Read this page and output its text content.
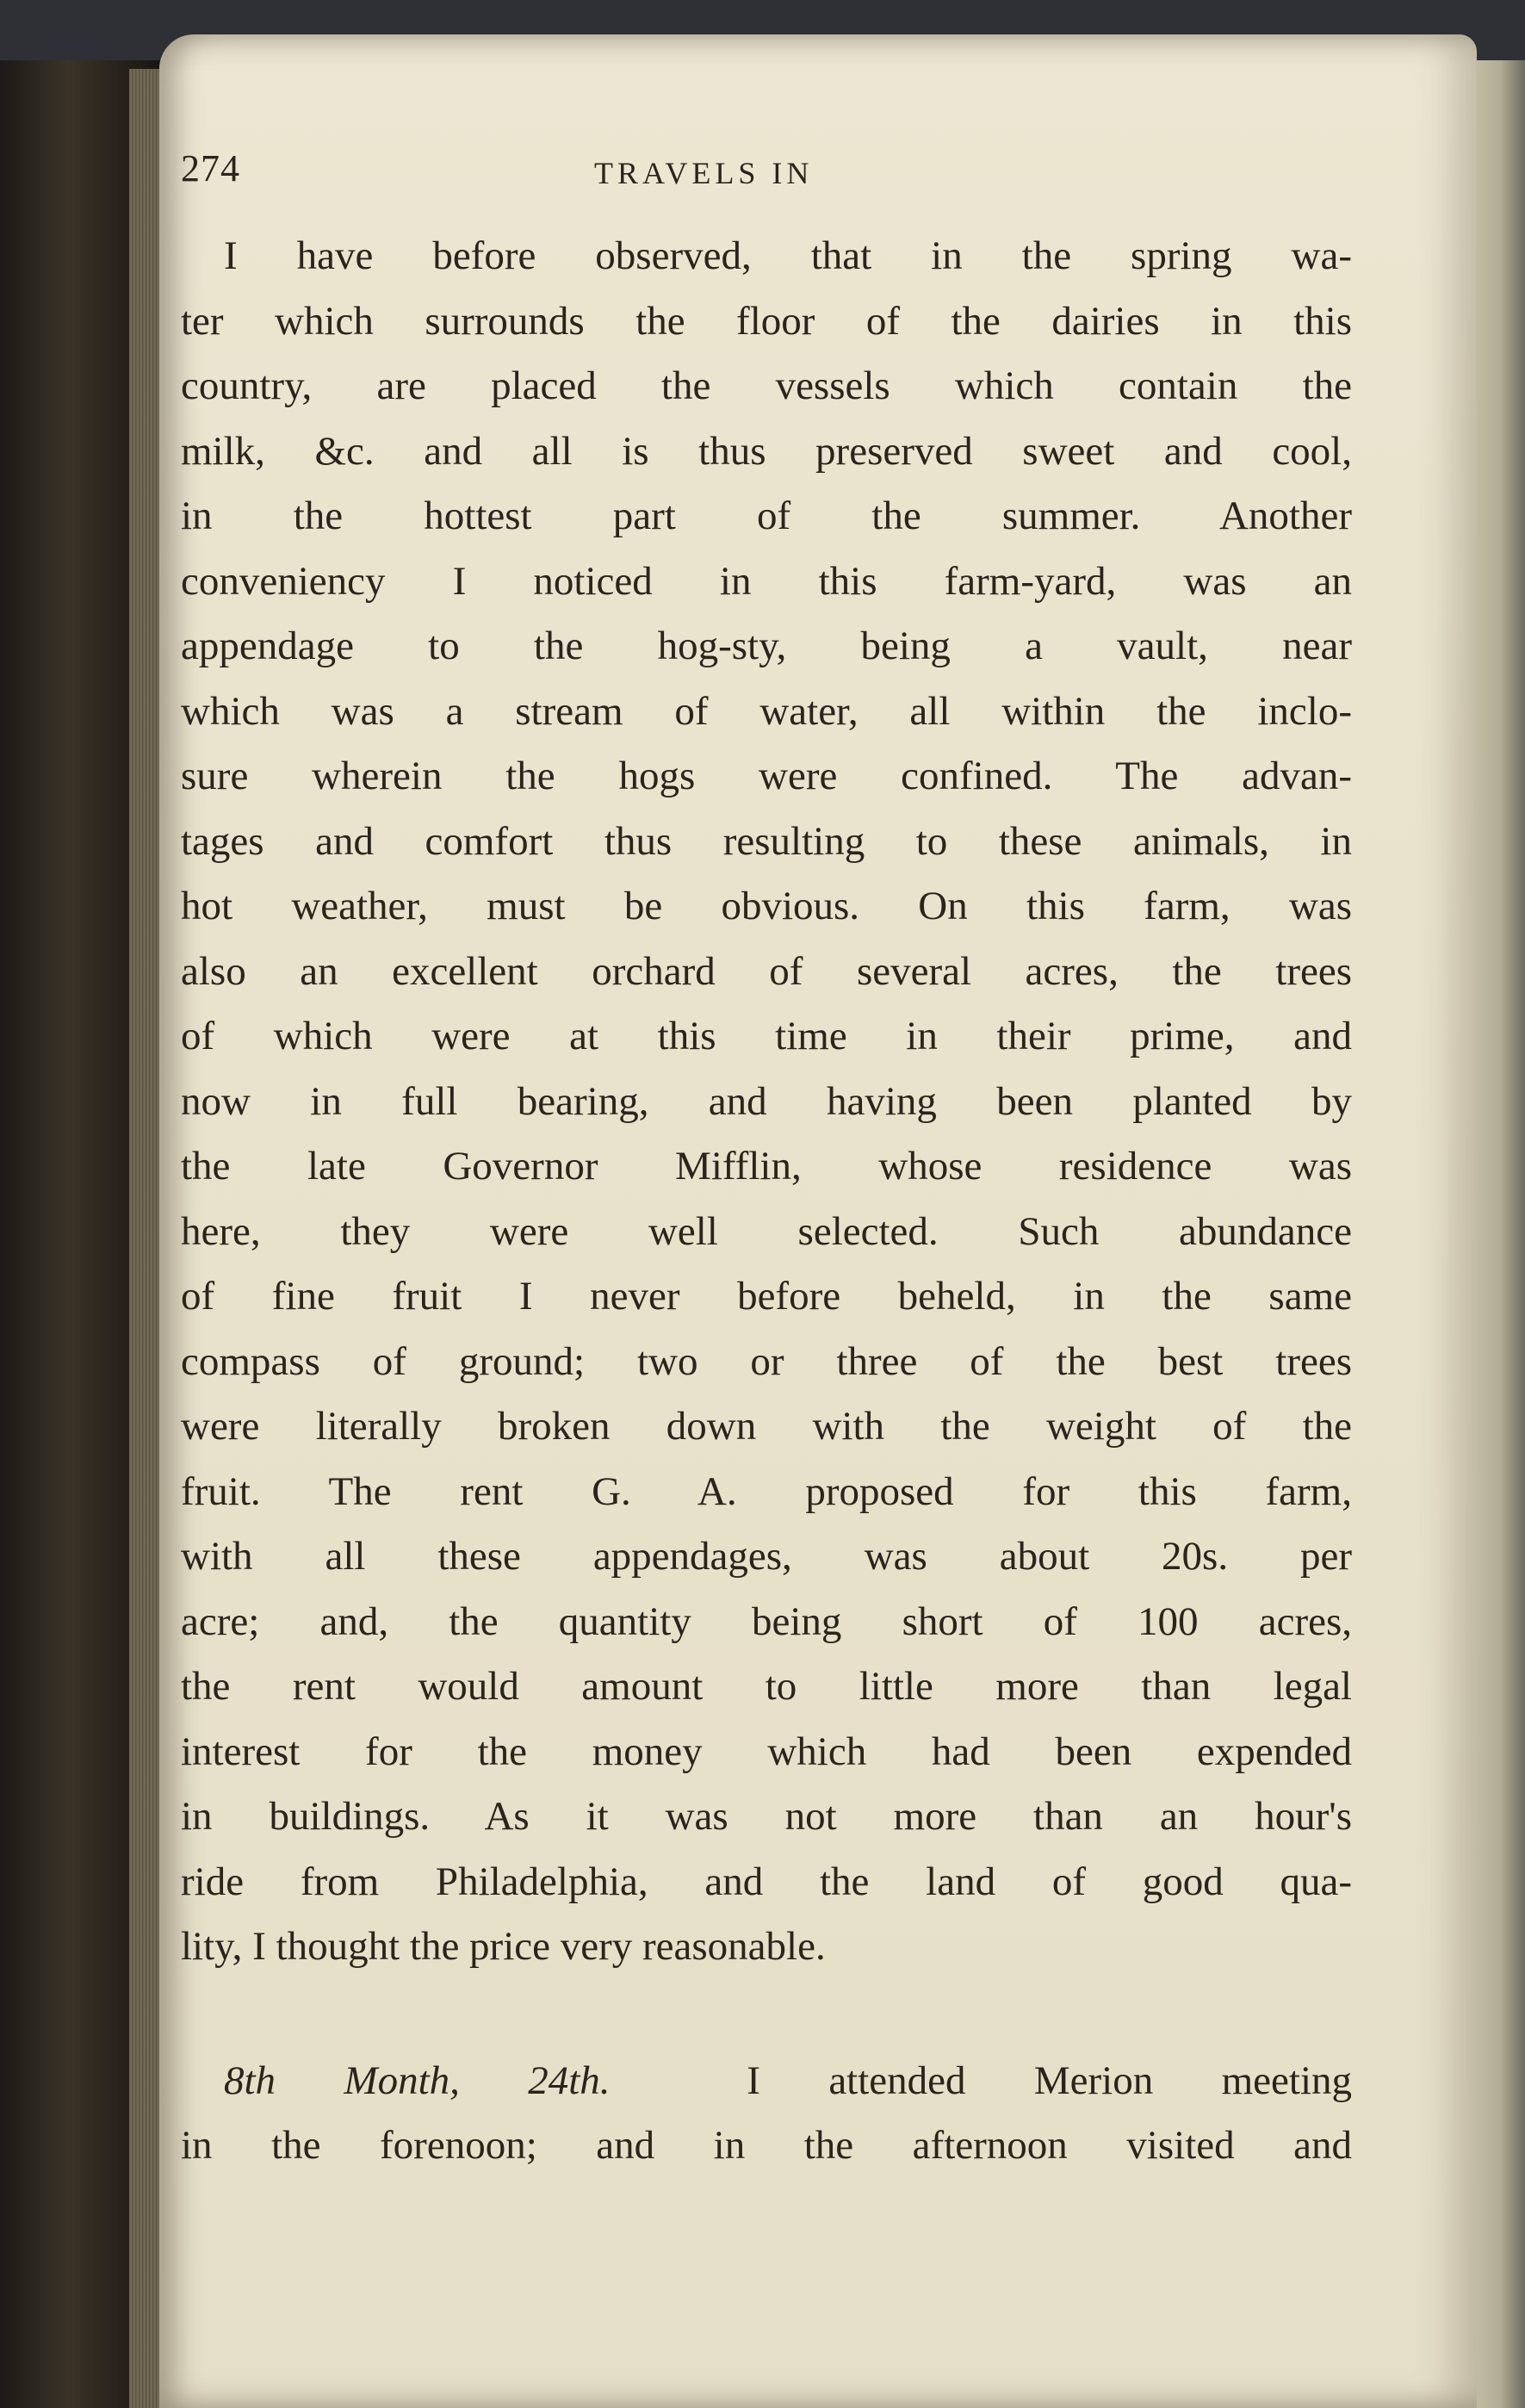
274	TRAVELS IN

I have before observed, that in the spring wa-
ter which surrounds the floor of the dairies in this
country, are placed the vessels which contain the
milk, &c. and all is thus preserved sweet and cool,
in the hottest part of the summer. Another
conveniency I noticed in this farm-yard, was an
appendage to the hog-sty, being a vault, near
which was a stream of water, all within the inclo-
sure wherein the hogs were confined. The advan-
tages and comfort thus resulting to these animals, in
hot weather, must be obvious. On this farm, was
also an excellent orchard of several acres, the trees
of which were at this time in their prime, and
now in full bearing, and having been planted by
the late Governor Mifflin, whose residence was
here, they were well selected. Such abundance
of fine fruit I never before beheld, in the same
compass of ground; two or three of the best trees
were literally broken down with the weight of the
fruit. The rent G. A. proposed for this farm,
with all these appendages, was about 20s. per
acre; and, the quantity being short of 100 acres,
the rent would amount to little more than legal
interest for the money which had been expended
in buildings. As it was not more than an hour's
ride from Philadelphia, and the land of good qua-
lity, I thought the price very reasonable.

8th Month, 24th.	I attended Merion meeting
in the forenoon; and in the afternoon visited and
